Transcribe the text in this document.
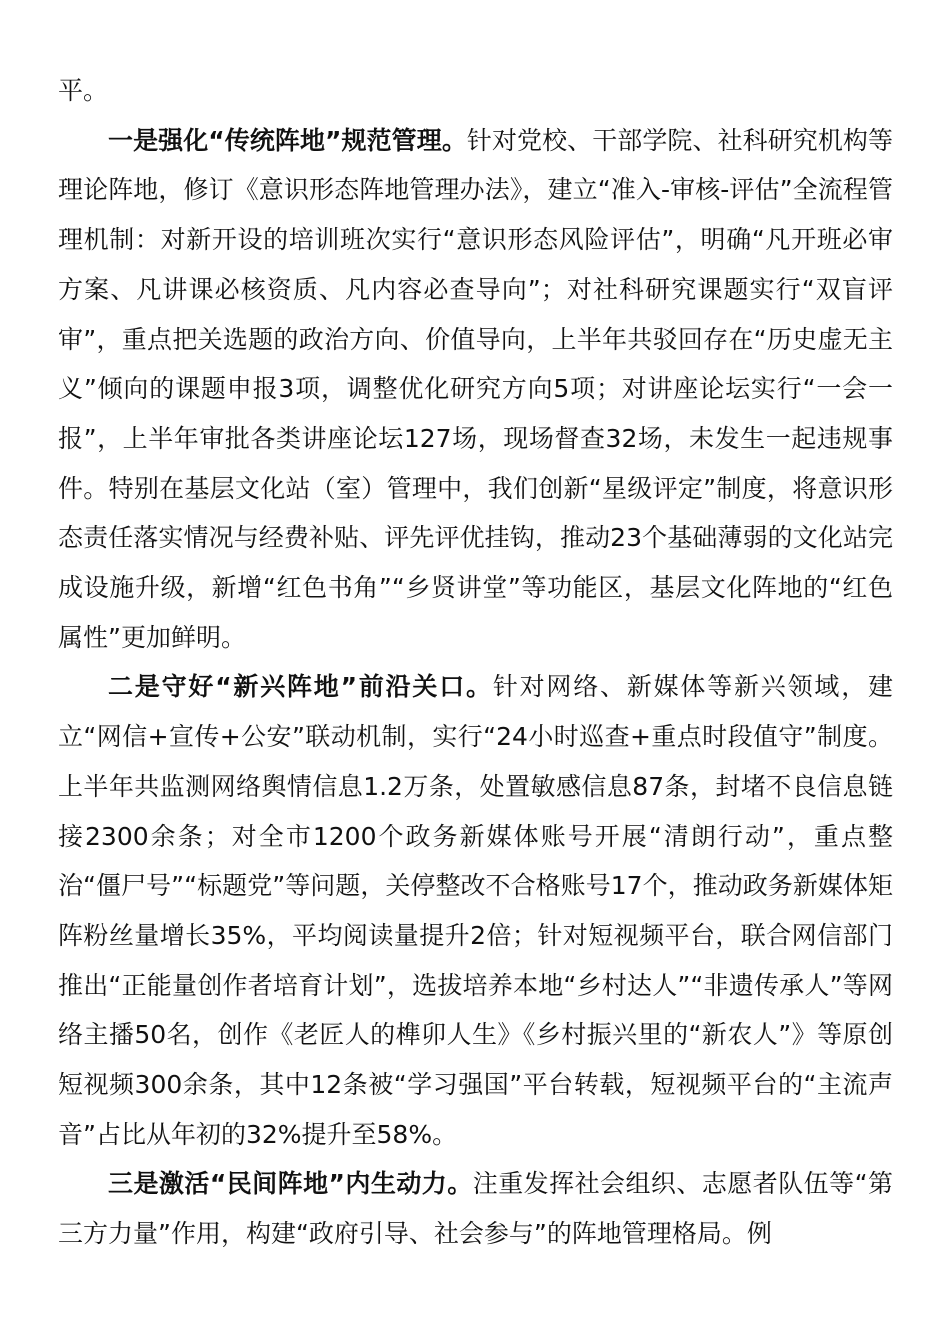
平。

一是强化“传统阵地”规范管理。针对党校、干部学院、社科研究机构等理论阵地，修订《意识形态阵地管理办法》，建立“准入-审核-评估”全流程管理机制：对新开设的培训班次实行“意识形态风险评估”，明确“凡开班必审方案、凡讲课必核资质、凡内容必查导向”；对社科研究课题实行“双盲评审”，重点把关选题的政治方向、价值导向，上半年共驳回存在“历史虚无主义”倾向的课题申报3项，调整优化研究方向5项；对讲座论坛实行“一会一报”，上半年审批各类讲座论坛127场，现场督查32场，未发生一起违规事件。特别在基层文化站（室）管理中，我们创新“星级评定”制度，将意识形态责任落实情况与经费补贴、评先评优挂钩，推动23个基础薄弱的文化站完成设施升级，新增“红色书角”“乡贤讲堂”等功能区，基层文化阵地的“红色属性”更加鲜明。

二是守好“新兴阵地”前沿关口。针对网络、新媒体等新兴领域，建立“网信+宣传+公安”联动机制，实行“24小时巡查+重点时段值守”制度。上半年共监测网络舆情信息1.2万条，处置敏感信息87条，封堵不良信息链接2300余条；对全市1200个政务新媒体账号开展“清朗行动”，重点整治“僵尸号”“标题党”等问题，关停整改不合格账号17个，推动政务新媒体矩阵粉丝量增长35%，平均阅读量提升2倍；针对短视频平台，联合网信部门推出“正能量创作者培育计划”，选拔培养本地“乡村达人”“非遗传承人”等网络主播50名，创作《老匠人的榫卯人生》《乡村振兴里的“新农人”》等原创短视频300余条，其中12条被“学习强国”平台转载，短视频平台的“主流声音”占比从年初的32%提升至58%。

三是激活“民间阵地”内生动力。注重发挥社会组织、志愿者队伍等“第三方力量”作用，构建“政府引导、社会参与”的阵地管理格局。例
